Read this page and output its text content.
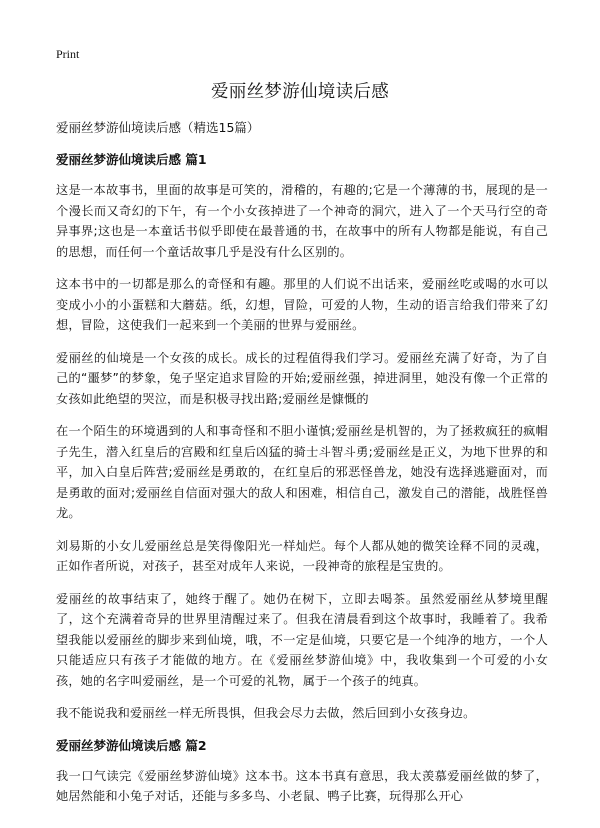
Print
爱丽丝梦游仙境读后感

爱丽丝梦游仙境读后感（精选15篇）

爱丽丝梦游仙境读后感 篇1

这是一本故事书，里面的故事是可笑的，滑稽的，有趣的;它是一个薄薄的书，展现的是一个漫长而又奇幻的下午，有一个小女孩掉进了一个神奇的洞穴，进入了一个天马行空的奇异事界;这也是一本童话书似乎即使在最普通的书，在故事中的所有人物都是能说，有自己的思想，而任何一个童话故事几乎是没有什么区别的。

这本书中的一切都是那么的奇怪和有趣。那里的人们说不出话来，爱丽丝吃或喝的水可以变成小小的小蛋糕和大蘑菇。纸，幻想，冒险，可爱的人物，生动的语言给我们带来了幻想，冒险，这使我们一起来到一个美丽的世界与爱丽丝。

爱丽丝的仙境是一个女孩的成长。成长的过程值得我们学习。爱丽丝充满了好奇，为了自己的“噩梦”的梦象，兔子坚定追求冒险的开始;爱丽丝强，掉进洞里，她没有像一个正常的女孩如此绝望的哭泣，而是积极寻找出路;爱丽丝是慷慨的

在一个陌生的环境遇到的人和事奇怪和不胆小谨慎;爱丽丝是机智的，为了拯救疯狂的疯帽子先生，潜入红皇后的宫殿和红皇后凶猛的骑士斗智斗勇;爱丽丝是正义，为地下世界的和平，加入白皇后阵营;爱丽丝是勇敢的，在红皇后的邪恶怪兽龙，她没有选择逃避面对，而是勇敢的面对;爱丽丝自信面对强大的敌人和困难，相信自己，激发自己的潜能，战胜怪兽龙。

刘易斯的小女儿爱丽丝总是笑得像阳光一样灿烂。每个人都从她的微笑诠释不同的灵魂，正如作者所说，对孩子，甚至对成年人来说，一段神奇的旅程是宝贵的。

爱丽丝的故事结束了，她终于醒了。她仍在树下，立即去喝茶。虽然爱丽丝从梦境里醒了，这个充满着奇异的世界里清醒过来了。但我在清晨看到这个故事时，我睡着了。我希望我能以爱丽丝的脚步来到仙境，哦，不一定是仙境，只要它是一个纯净的地方，一个人只能适应只有孩子才能做的地方。在《爱丽丝梦游仙境》中，我收集到一个可爱的小女孩，她的名字叫爱丽丝，是一个可爱的礼物，属于一个孩子的纯真。

我不能说我和爱丽丝一样无所畏惧，但我会尽力去做，然后回到小女孩身边。

爱丽丝梦游仙境读后感 篇2

我一口气读完《爱丽丝梦游仙境》这本书。这本书真有意思，我太羡慕爱丽丝做的梦了，她居然能和小兔子对话，还能与多多鸟、小老鼠、鸭子比赛，玩得那么开心
